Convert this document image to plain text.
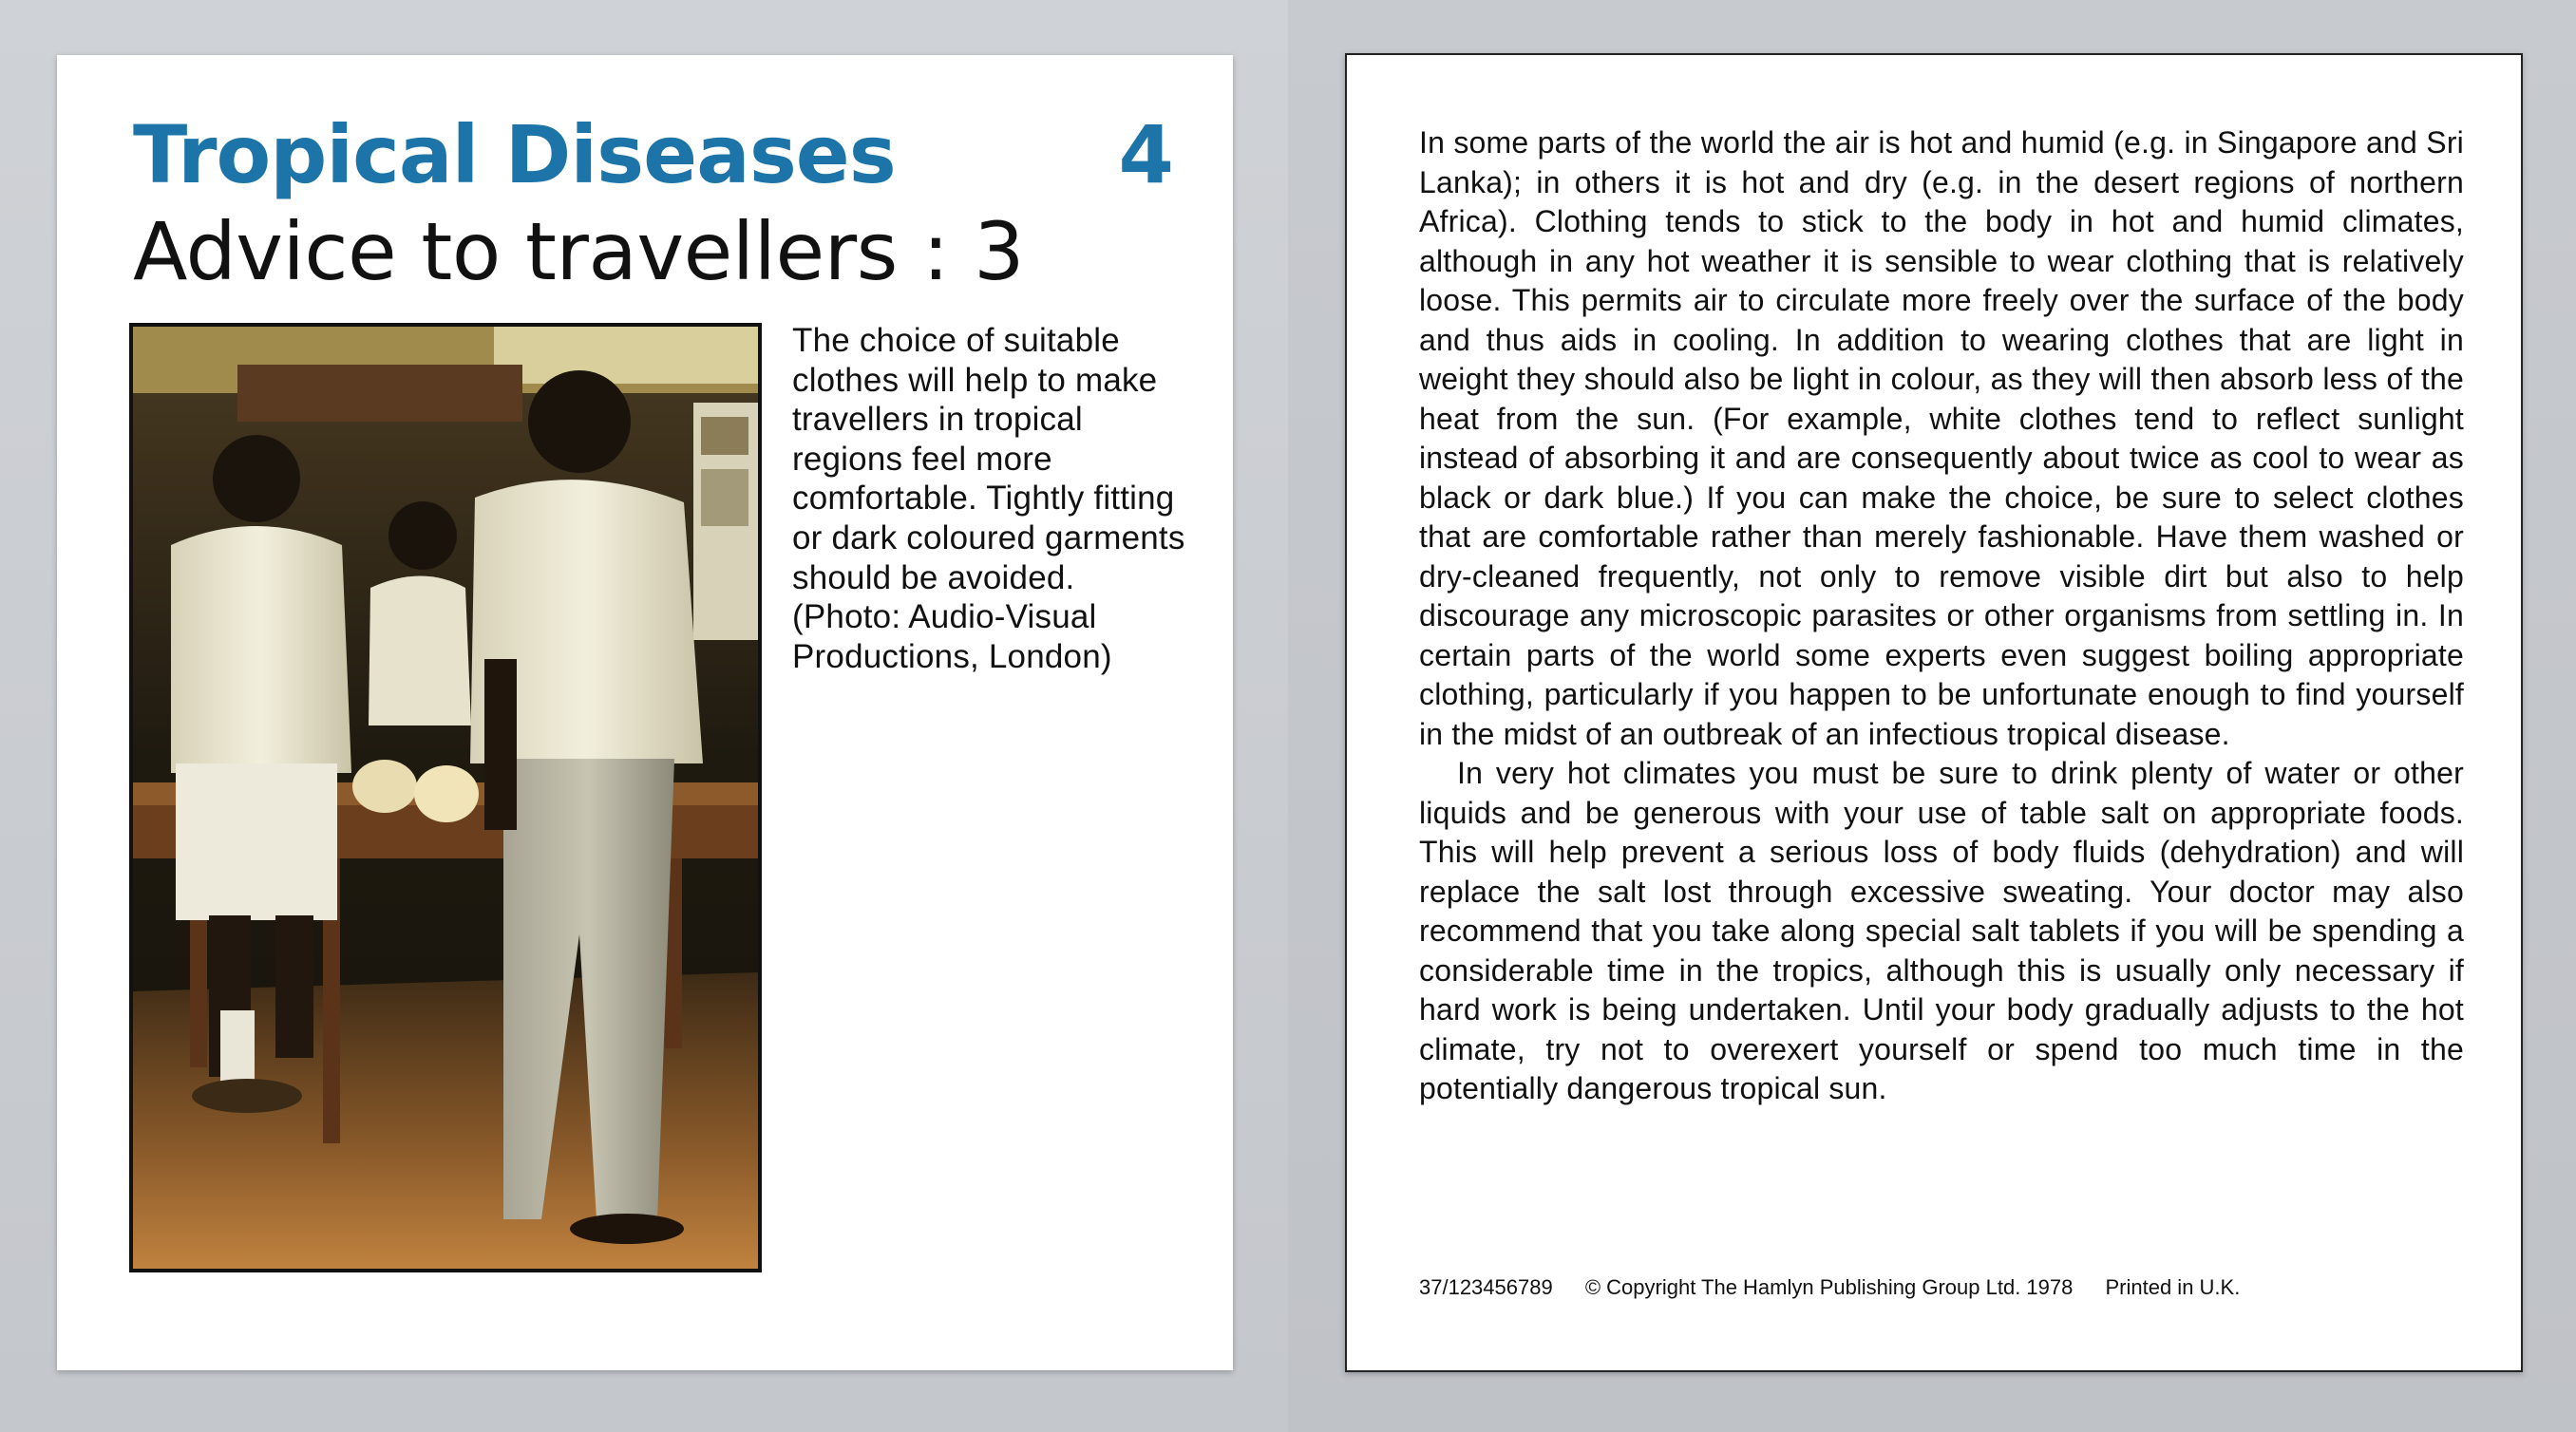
Tropical Diseases	4
Advice to travellers : 3
The choice of suitable clothes will help to make travellers in tropical regions feel more comfortable. Tightly fitting or dark coloured garments should be avoided. (Photo: Audio-Visual Productions, London)

In some parts of the world the air is hot and humid (e.g. in Singapore and Sri Lanka); in others it is hot and dry (e.g. in the desert regions of northern Africa). Clothing tends to stick to the body in hot and humid climates, although in any hot weather it is sensible to wear clothing that is relatively loose. This permits air to circulate more freely over the surface of the body and thus aids in cooling. In addition to wearing clothes that are light in weight they should also be light in colour, as they will then absorb less of the heat from the sun. (For example, white clothes tend to reflect sunlight instead of absorbing it and are consequently about twice as cool to wear as black or dark blue.) If you can make the choice, be sure to select clothes that are comfortable rather than merely fashionable. Have them washed or dry-cleaned frequently, not only to remove visible dirt but also to help discourage any microscopic parasites or other organisms from settling in. In certain parts of the world some experts even suggest boiling appropriate clothing, particularly if you happen to be unfortunate enough to find yourself in the midst of an outbreak of an infectious tropical disease.

In very hot climates you must be sure to drink plenty of water or other liquids and be generous with your use of table salt on appropriate foods. This will help prevent a serious loss of body fluids (dehydration) and will replace the salt lost through excessive sweating. Your doctor may also recommend that you take along special salt tablets if you will be spending a considerable time in the tropics, although this is usually only necessary if hard work is being undertaken. Until your body gradually adjusts to the hot climate, try not to overexert yourself or spend too much time in the potentially dangerous tropical sun.

37/123456789 © Copyright The Hamlyn Publishing Group Ltd. 1978 Printed in U.K.
